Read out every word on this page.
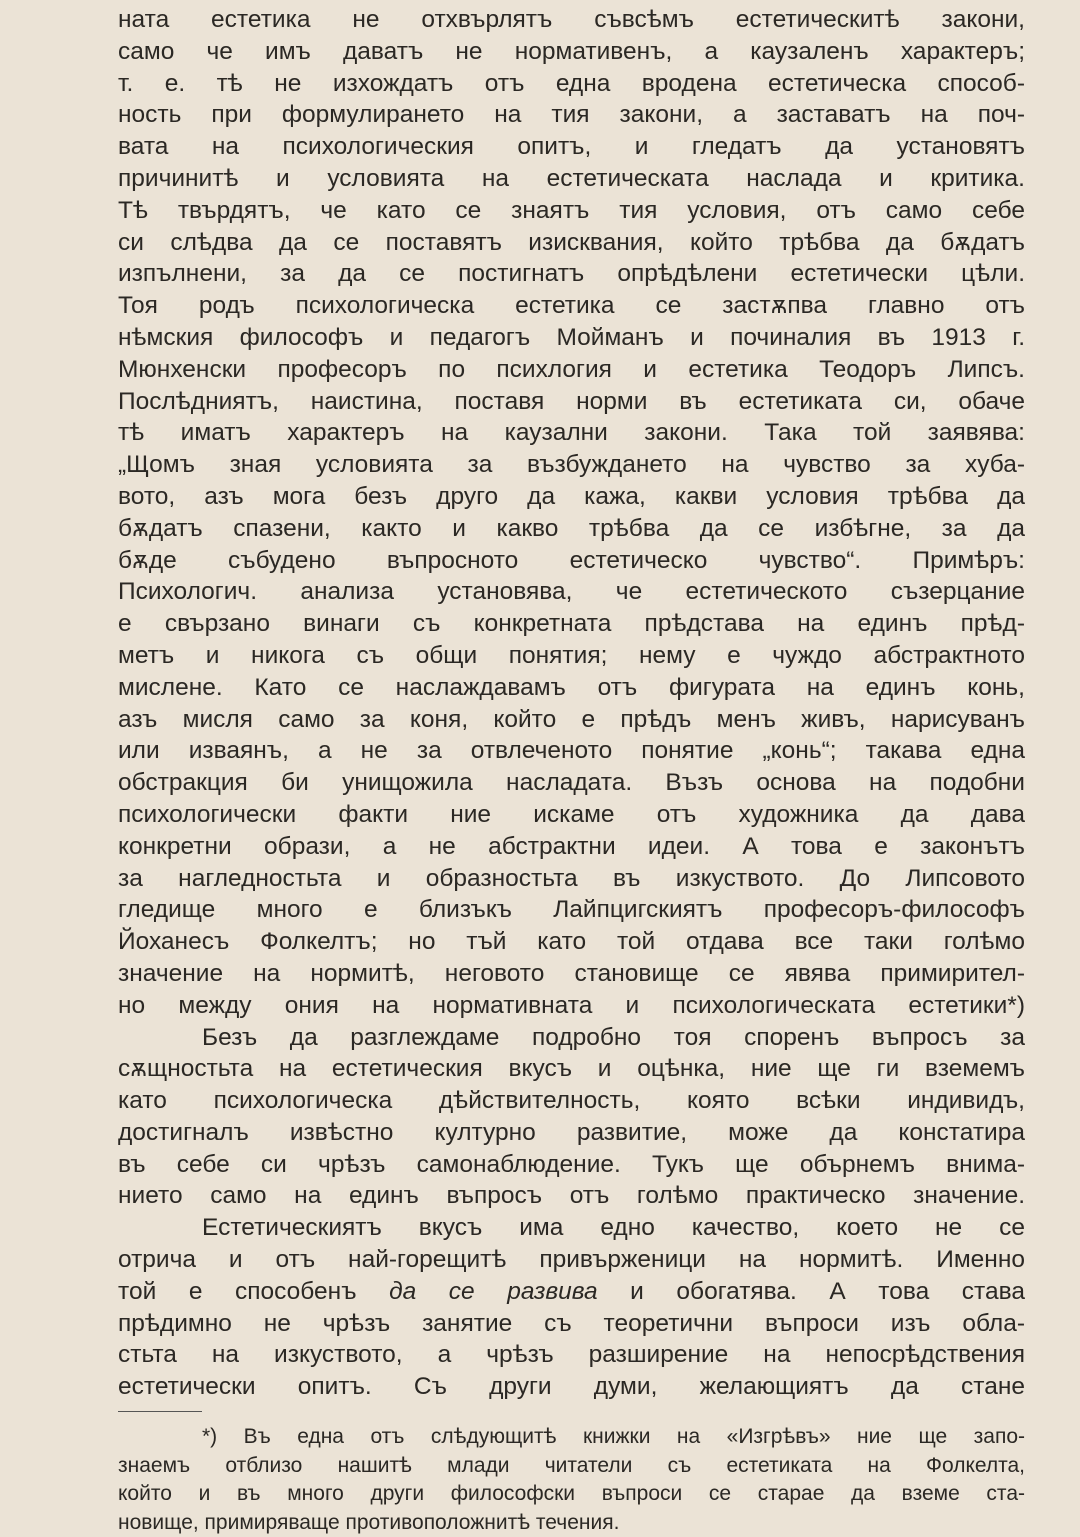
ната естетика не отхвърлятъ съвсѣмъ естетическитѣ закони,
само че имъ даватъ не нормативенъ, а каузаленъ характеръ;
т. е. тѣ не изхождатъ отъ една вродена естетическа способ-
ность при формулирането на тия закони, а заставатъ на поч-
вата на психологическия опитъ, и гледатъ да установятъ
причинитѣ и условията на естетическата наслада и критика.
Тѣ твърдятъ, че като се знаятъ тия условия, отъ само себе
си слѣдва да се поставятъ изисквания, който трѣбва да бѫдатъ
изпълнени, за да се постигнатъ опрѣдѣлени естетически цѣли.
Тоя родъ психологическа естетика се застѫпва главно отъ
нѣмския философъ и педагогъ Мойманъ и починалия въ 1913 г.
Мюнхенски професоръ по психлогия и естетика Теодоръ Липсъ.
Послѣдниятъ, наистина, поставя норми въ естетиката си, обаче
тѣ иматъ характеръ на каузални закони. Така той заявява:
„Щомъ зная условията за възбуждането на чувство за хуба-
вото, азъ мога безъ друго да кажа, какви условия трѣбва да
бѫдатъ спазени, както и какво трѣбва да се избѣгне, за да
бѫде събудено въпросното естетическо чувство“. Примѣръ:
Психологич. анализа установява, че естетическото съзерцание
е свързано винаги съ конкретната прѣдстава на единъ прѣд-
метъ и никога съ общи понятия; нему е чуждо абстрактното
мислене. Като се наслаждавамъ отъ фигурата на единъ конь,
азъ мисля само за коня, който е прѣдъ менъ живъ, нарисуванъ
или изваянъ, а не за отвлеченото понятие „конь“; такава една
обстракция би унищожила насладата. Възъ основа на подобни
психологически факти ние искаме отъ художника да дава
конкретни образи, а не абстрактни идеи. А това е законътъ
за нагледностьта и образностьта въ изкуството. До Липсовото
гледище много е близъкъ Лайпцигскиятъ професоръ-философъ
Йоханесъ Фолкелтъ; но тъй като той отдава все таки голѣмо
значение на нормитѣ, неговото становище се явява примирител-
но между ония на нормативната и психологическата естетики*)
Безъ да разглеждаме подробно тоя споренъ въпросъ за
сѫщностьта на естетическия вкусъ и оцѣнка, ние ще ги вземемъ
като психологическа дѣйствителность, която всѣки индивидъ,
достигналъ извѣстно културно развитие, може да констатира
въ себе си чрѣзъ самонаблюдение. Тукъ ще обърнемъ внима-
нието само на единъ въпросъ отъ голѣмо практическо значение.
Естетическиятъ вкусъ има едно качество, което не се
отрича и отъ най-горещитѣ привърженици на нормитѣ. Именно
той е способенъ да се развива и обогатява. А това става
прѣдимно не чрѣзъ занятие съ теоретични въпроси изъ обла-
стьта на изкуството, а чрѣзъ разширение на непосрѣдствения
естетически опитъ. Съ други думи, желающиятъ да стане
*) Въ една отъ слѣдующитѣ книжки на «Изгрѣвъ» ние ще запо-
знаемъ отблизо нашитѣ млади читатели съ естетиката на Фолкелта,
който и въ много други философски въпроси се старае да вземе ста-
новище, примиряваще противоположнитѣ течения.
